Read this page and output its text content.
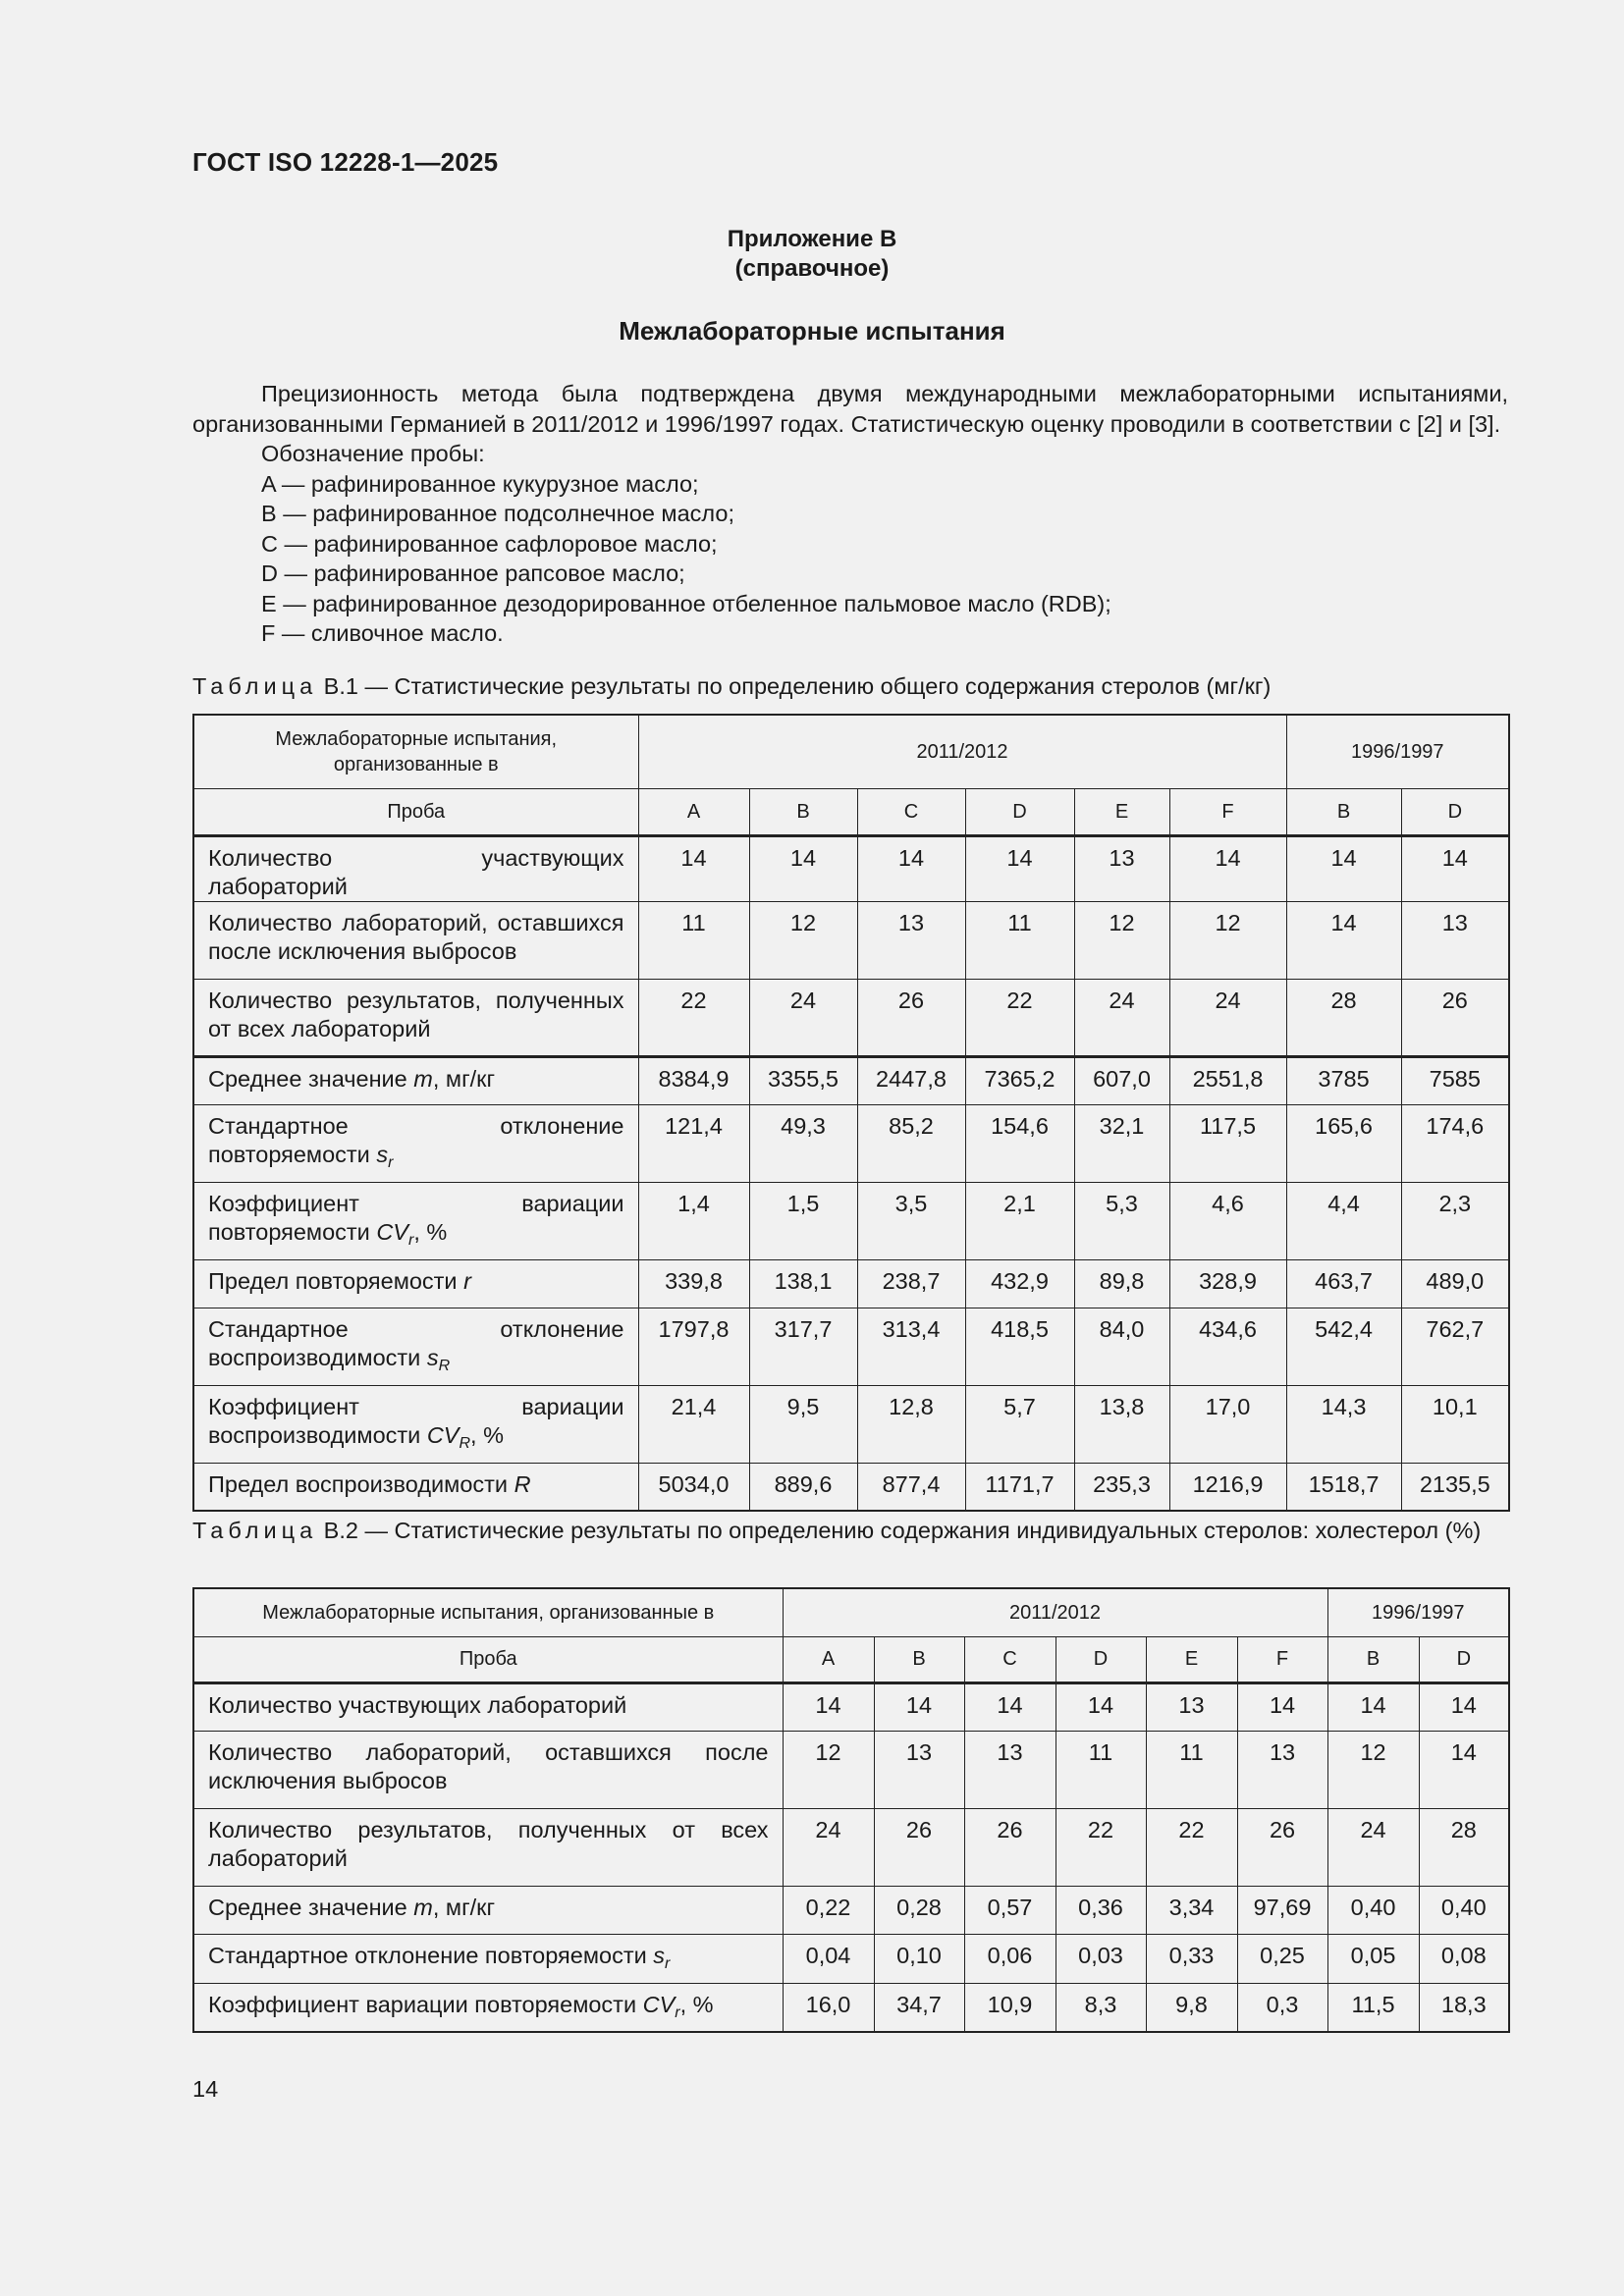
ГОСТ ISO 12228-1—2025
Приложение В
(справочное)
Межлабораторные испытания

Прецизионность метода была подтверждена двумя международными межлабораторными испытаниями, организованными Германией в 2011/2012 и 1996/1997 годах. Статистическую оценку проводили в соответствии с [2] и [3].

Обозначение пробы:

A — рафинированное кукурузное масло;

B — рафинированное подсолнечное масло;

C — рафинированное сафлоровое масло;

D — рафинированное рапсовое масло;

E — рафинированное дезодорированное отбеленное пальмовое масло (RDB);

F — сливочное масло.

Таблица В.1 — Статистические результаты по определению общего содержания стеролов (мг/кг)
Межлабораторные испытания, организованные в	2011/2012						1996/1997	
Проба	A	B	C	D	E	F	B	D
Количество участвующих лабораторий	14	14	14	14	13	14	14	14
Количество лабораторий, оставшихся после исключения выбросов	11	12	13	11	12	12	14	13
Количество результатов, полученных от всех лабораторий	22	24	26	22	24	24	28	26
Среднее значение m, мг/кг	8384,9	3355,5	2447,8	7365,2	607,0	2551,8	3785	7585
Стандартное отклонение повторяемости $s_r$	121,4	49,3	85,2	154,6	32,1	117,5	165,6	174,6
Коэффициент вариации повторяемости $CV_r$, %	1,4	1,5	3,5	2,1	5,3	4,6	4,4	2,3
Предел повторяемости r	339,8	138,1	238,7	432,9	89,8	328,9	463,7	489,0
Стандартное отклонение воспроизводимости $s_R$	1797,8	317,7	313,4	418,5	84,0	434,6	542,4	762,7
Коэффициент вариации воспроизводимости $CV_R$, %	21,4	9,5	12,8	5,7	13,8	17,0	14,3	10,1
Предел воспроизводимости R	5034,0	889,6	877,4	1171,7	235,3	1216,9	1518,7	2135,5
Таблица В.2 — Статистические результаты по определению содержания индивидуальных стеролов: холестерол (%)
Межлабораторные испытания, организованные в	2011/2012						1996/1997	
Проба	A	B	C	D	E	F	B	D
Количество участвующих лабораторий	14	14	14	14	13	14	14	14
Количество лабораторий, оставшихся после исключения выбросов	12	13	13	11	11	13	12	14
Количество результатов, полученных от всех лабораторий	24	26	26	22	22	26	24	28
Среднее значение m, мг/кг	0,22	0,28	0,57	0,36	3,34	97,69	0,40	0,40
Стандартное отклонение повторяемости $s_r$	0,04	0,10	0,06	0,03	0,33	0,25	0,05	0,08
Коэффициент вариации повторяемости $CV_r$, %	16,0	34,7	10,9	8,3	9,8	0,3	11,5	18,3
14
